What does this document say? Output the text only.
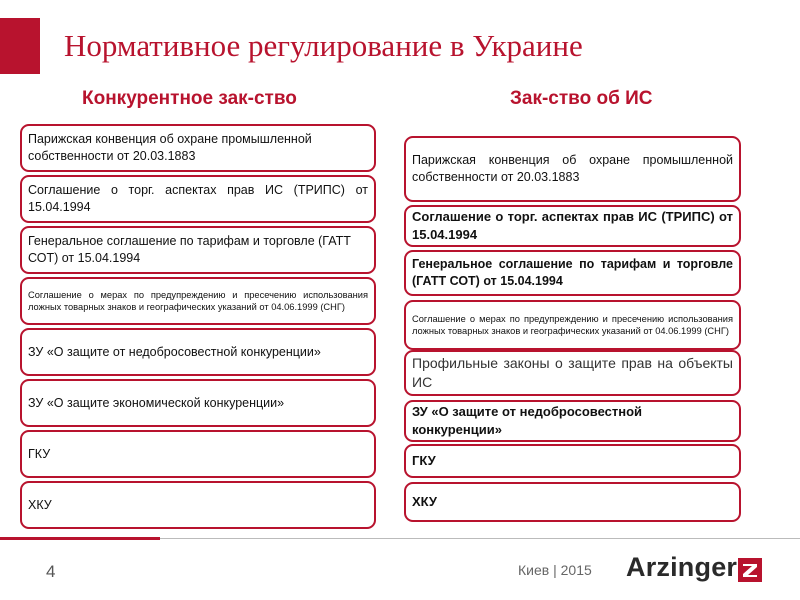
Нормативное регулирование в Украине
Конкурентное зак-ство	Зак-ство об ИС
Парижская конвенция об охране промышленной собственности от 20.03.1883
Соглашение о торг. аспектах прав ИС (ТРИПС) от 15.04.1994
Генеральное соглашение по тарифам и торговле (ГАТТ СОТ) от 15.04.1994
Соглашение о мерах по предупреждению и пресечению использования ложных товарных знаков и географических указаний от 04.06.1999 (СНГ)
ЗУ «О защите от недобросовестной конкуренции»
ЗУ «О защите экономической конкуренции»
ГКУ
ХКУ
Парижская конвенция об охране промышленной собственности от 20.03.1883
Соглашение о торг. аспектах прав ИС (ТРИПС) от 15.04.1994
Генеральное соглашение по тарифам и торговле (ГАТТ СОТ) от 15.04.1994
Соглашение о мерах по предупреждению и пресечению использования ложных товарных знаков и географических указаний от 04.06.1999 (СНГ)
Профильные законы о защите прав на объекты ИС
ЗУ «О защите от недобросовестной конкуренции»
ГКУ
ХКУ
4	Киев | 2015 Arzinger
